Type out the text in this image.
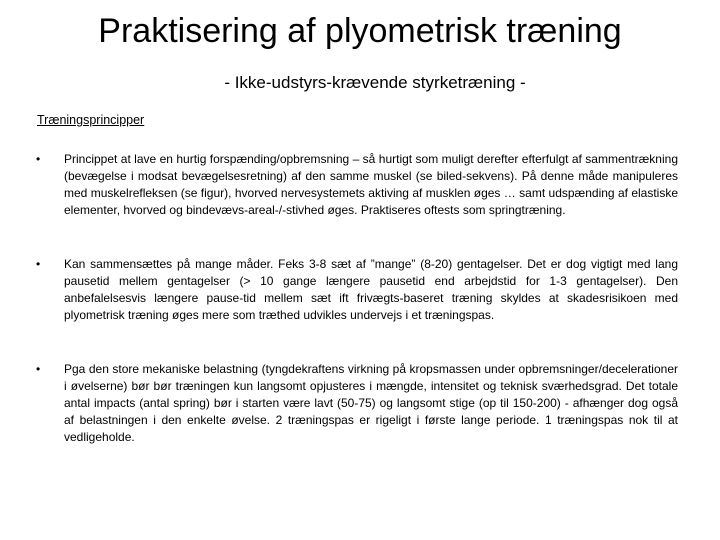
Praktisering af plyometrisk træning
- Ikke-udstyrs-krævende styrketræning -
Træningsprincipper
• Princippet at lave en hurtig forspænding/opbremsning – så hurtigt som muligt derefter efterfulgt af sammentrækning (bevægelse i modsat bevægelsesretning) af den samme muskel (se biled-sekvens). På denne måde manipuleres med muskelrefleksen (se figur), hvorved nervesystemets aktiving af musklen øges … samt udspænding af elastiske elementer, hvorved og bindevævs-areal-/-stivhed øges. Praktiseres oftests som springtræning.
• Kan sammensættes på mange måder. Feks 3-8 sæt af ”mange” (8-20) gentagelser. Det er dog vigtigt med lang pausetid mellem gentagelser (> 10 gange længere pausetid end arbejdstid for 1-3 gentagelser). Den anbefalelsesvis længere pause-tid mellem sæt ift frivægts-baseret træning skyldes at skadesrisikoen med plyometrisk træning øges mere som træthed udvikles undervejs i et træningspas.
• Pga den store mekaniske belastning (tyngdekraftens virkning på kropsmassen under opbremsninger/decelerationer i øvelserne) bør bør træningen kun langsomt opjusteres i mængde, intensitet og teknisk sværhedsgrad. Det totale antal impacts (antal spring) bør i starten være lavt (50-75) og langsomt stige (op til 150-200) - afhænger dog også af belastningen i den enkelte øvelse. 2 træningspas er rigeligt i første lange periode. 1 træningspas nok til at vedligeholde.
